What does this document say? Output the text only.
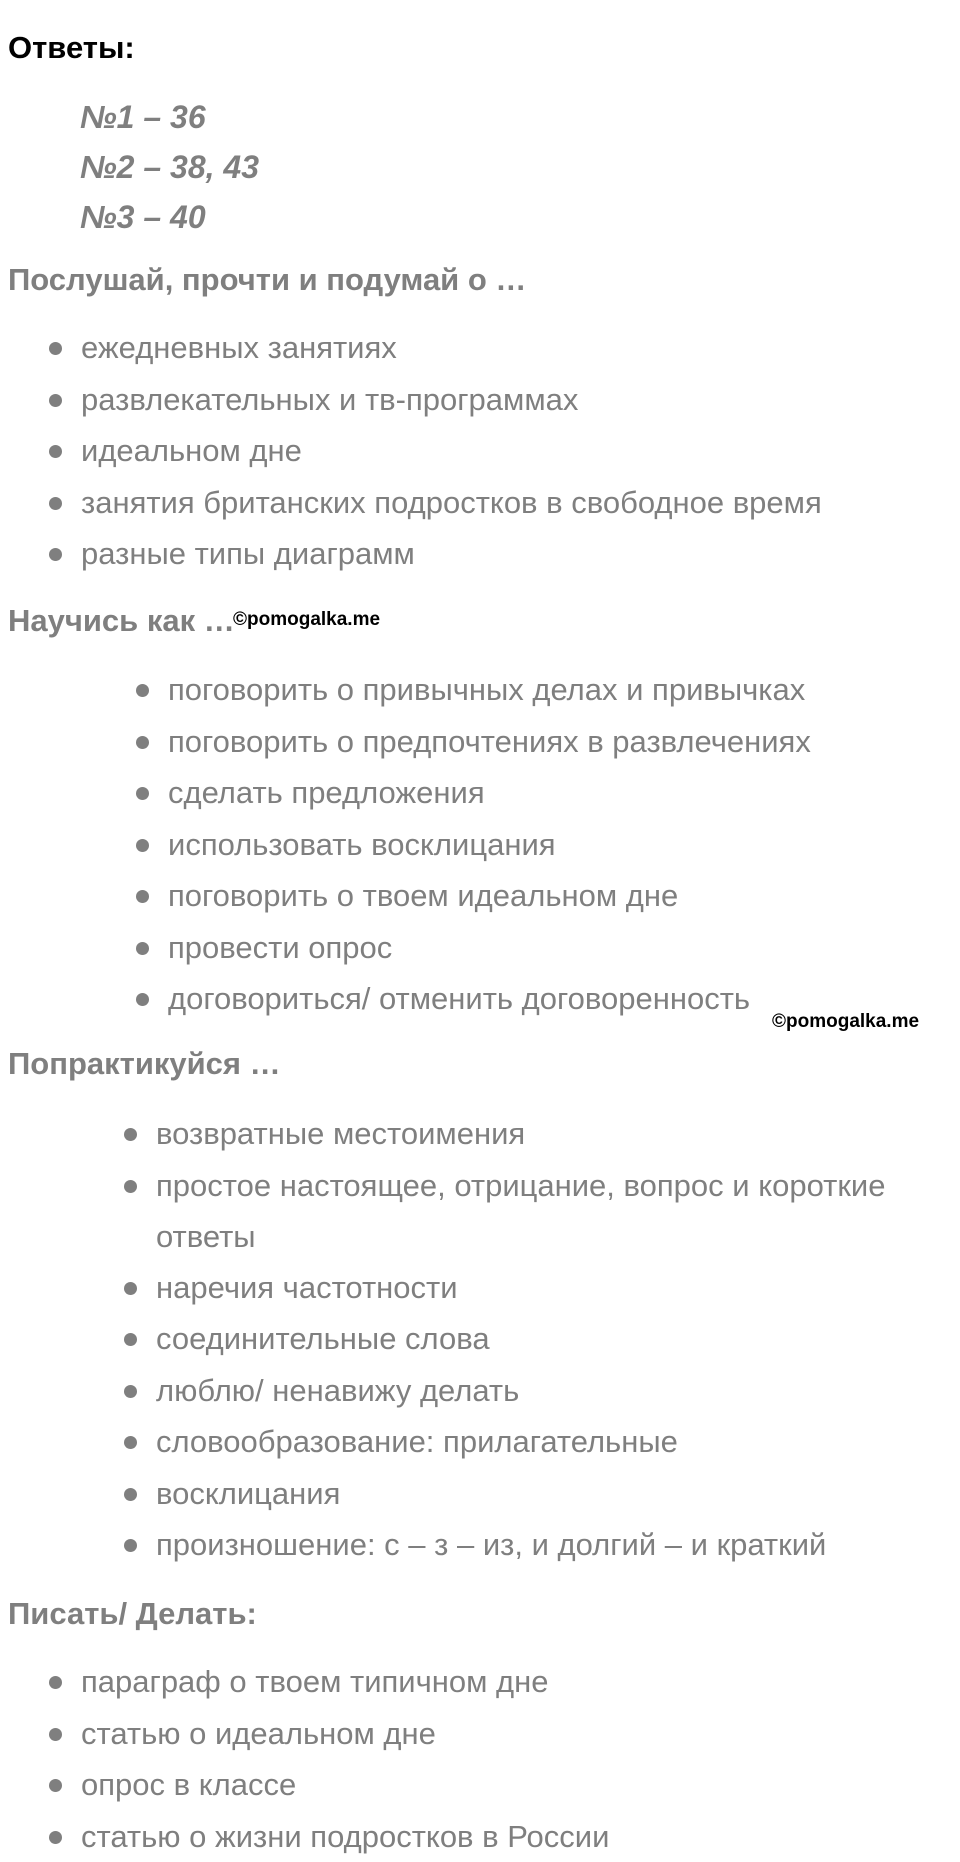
Ответы:
№1 – 36
№2 – 38, 43
№3 – 40
Послушай, прочти и подумай о …
ежедневных занятиях
развлекательных и тв-программах
идеальном дне
занятия британских подростков в свободное время
разные типы диаграмм
Научись как …
©pomogalka.me
поговорить о привычных делах и привычках
поговорить о предпочтениях в развлечениях
сделать предложения
использовать восклицания
поговорить о твоем идеальном дне
провести опрос
договориться/ отменить договоренность
©pomogalka.me
Попрактикуйся …
возвратные местоимения
простое настоящее, отрицание, вопрос и короткие ответы
наречия частотности
соединительные слова
люблю/ ненавижу делать
словообразование: прилагательные
восклицания
произношение: с – з – из, и долгий – и краткий
Писать/ Делать:
параграф о твоем типичном дне
статью о идеальном дне
опрос в классе
статью о жизни подростков в России
